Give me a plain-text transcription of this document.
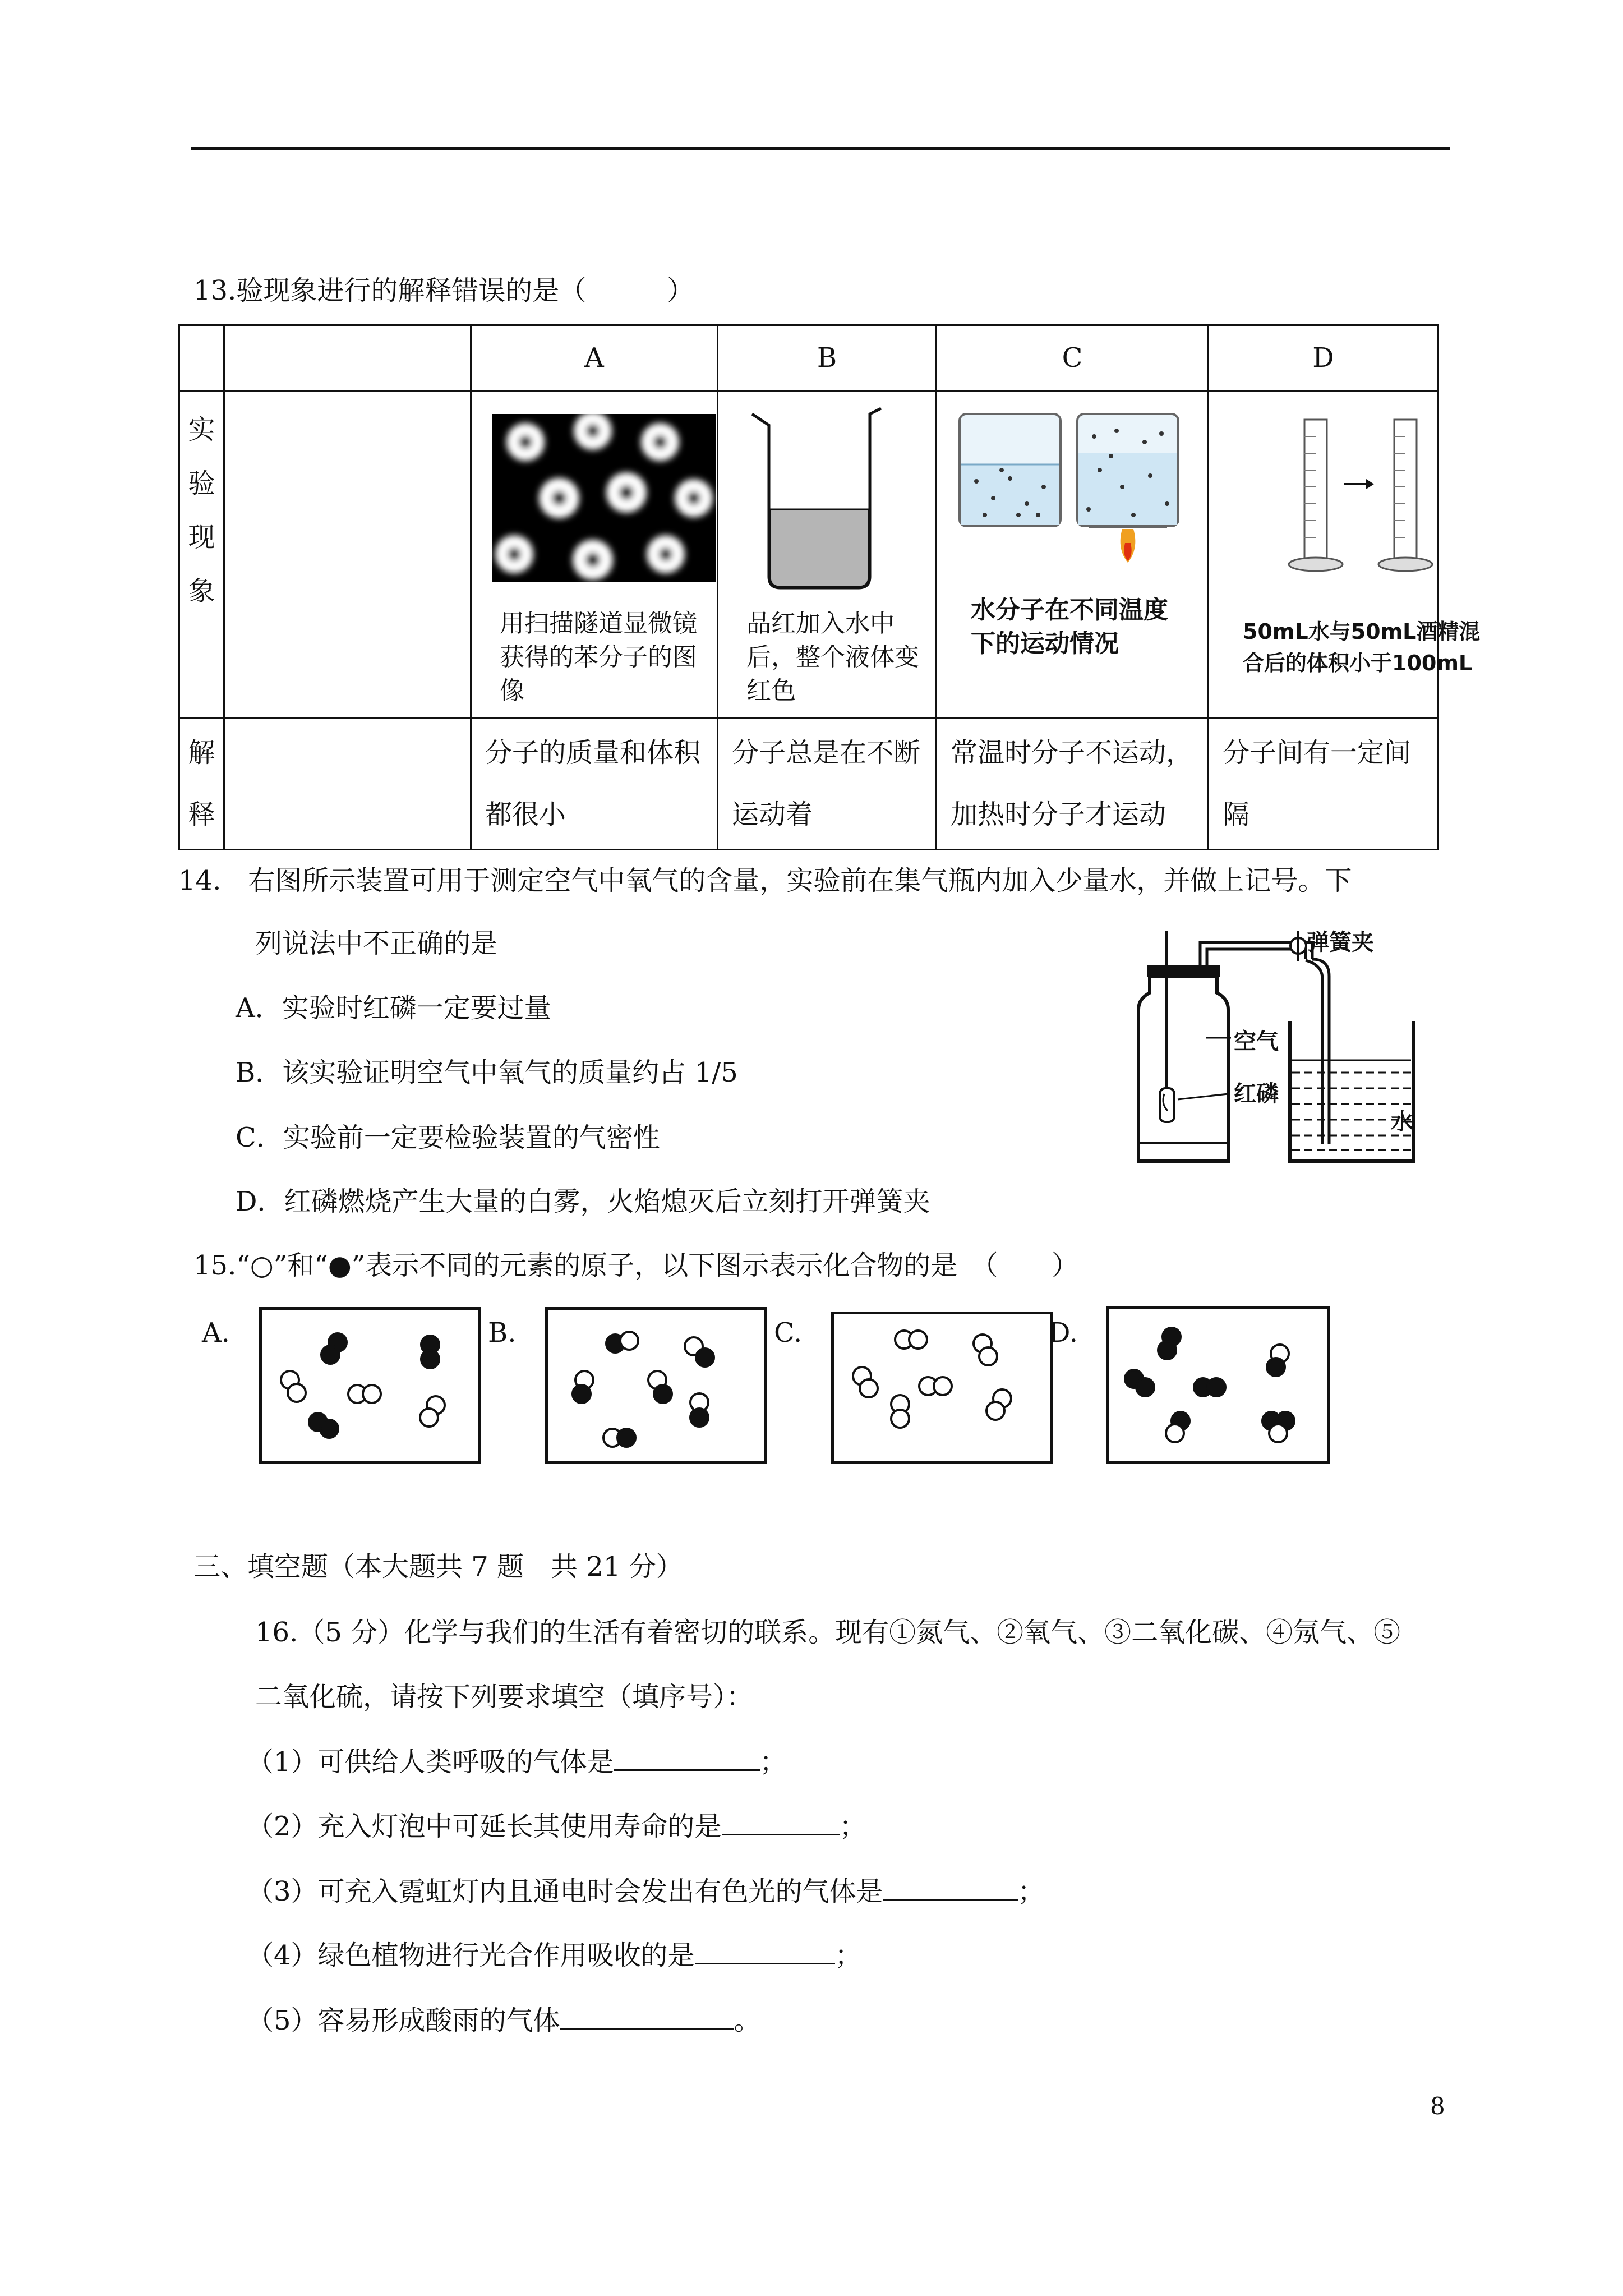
13.验现象进行的解释错误的是（　　　）
		A	B	C	D

实
验
现
象		用扫描隧道显微镜获得的苯分子的图像	品红加入水中后，整个液体变红色	水分子在不同温度下的运动情况	50mL水与50mL酒精混合后的体积小于100mL

解
释		分子的质量和体积都很小	分子总是在不断运动着	常温时分子不运动，加热时分子才运动	分子间有一定间隔
14.　右图所示装置可用于测定空气中氧气的含量，实验前在集气瓶内加入少量水，并做上记号。下
列说法中不正确的是
A．实验时红磷一定要过量
B．该实验证明空气中氧气的质量约占 1/5
C．实验前一定要检验装置的气密性
D．红磷燃烧产生大量的白雾，火焰熄灭后立刻打开弹簧夹
弹簧夹
空气
红磷
水
15.“○”和“●”表示不同的元素的原子，以下图示表示化合物的是　（　　）
A.	B.	C.	D.
三、填空题（本大题共 7 题　共 21 分）
16.（5 分）化学与我们的生活有着密切的联系。现有①氮气、②氧气、③二氧化碳、④氖气、⑤
二氧化硫，请按下列要求填空（填序号）：
（1）可供给人类呼吸的气体是	；
（2）充入灯泡中可延长其使用寿命的是	；
（3）可充入霓虹灯内且通电时会发出有色光的气体是	；
（4）绿色植物进行光合作用吸收的是	；
（5）容易形成酸雨的气体	。
8
